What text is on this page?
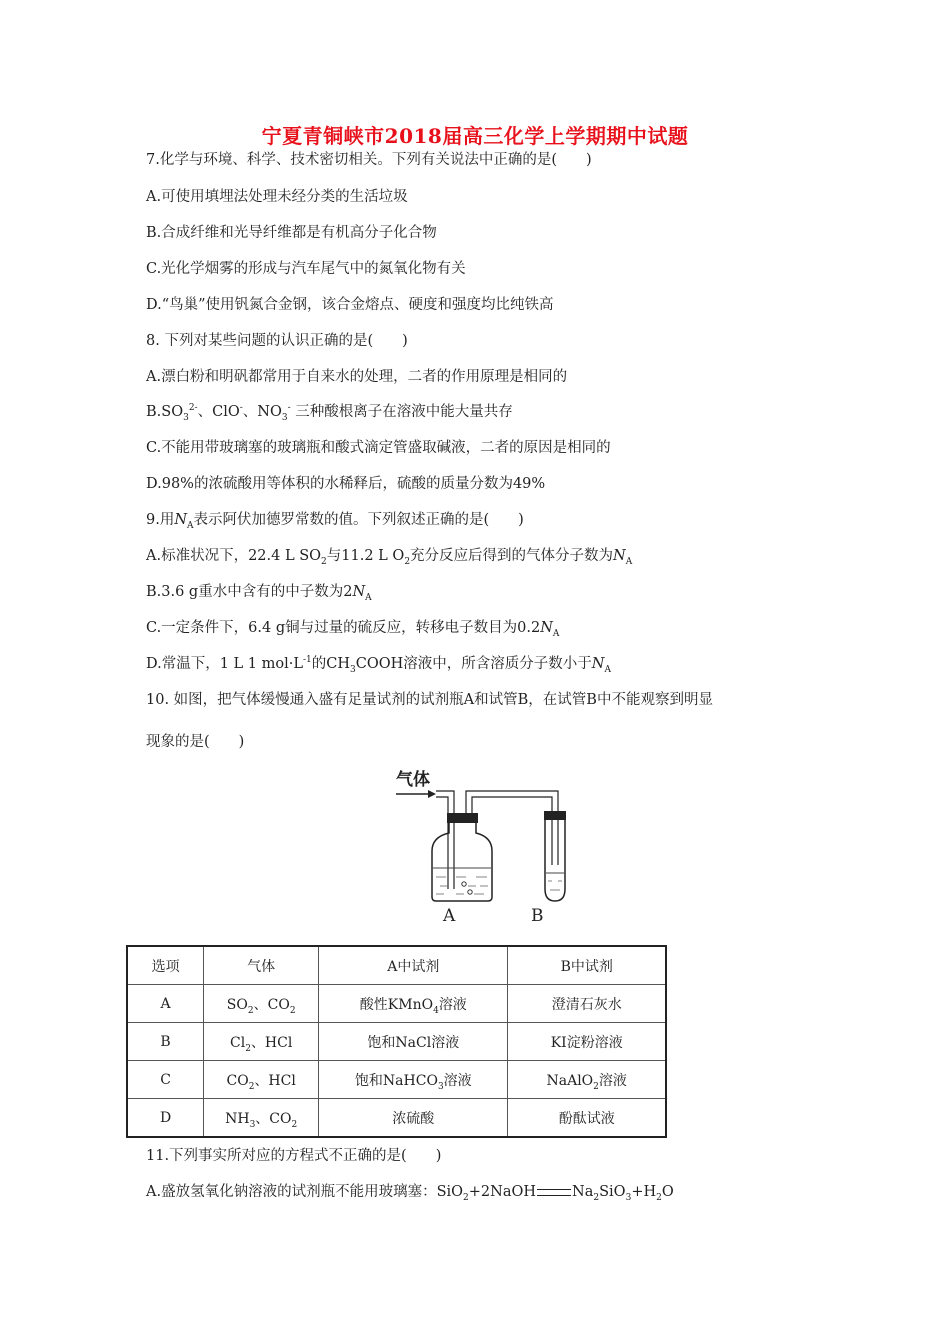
宁夏青铜峡市2018届高三化学上学期期中试题
7.化学与环境、科学、技术密切相关。下列有关说法中正确的是(　　)
A.可使用填埋法处理未经分类的生活垃圾
B.合成纤维和光导纤维都是有机高分子化合物
C.光化学烟雾的形成与汽车尾气中的氮氧化物有关
D.“鸟巢”使用钒氮合金钢，该合金熔点、硬度和强度均比纯铁高
8. 下列对某些问题的认识正确的是(　　)
A.漂白粉和明矾都常用于自来水的处理，二者的作用原理是相同的
$B.SO_3^{2-}$、ClO-、$NO_3^-$ 三种酸根离子在溶液中能大量共存
C.不能用带玻璃塞的玻璃瓶和酸式滴定管盛取碱液，二者的原因是相同的
D.98%的浓硫酸用等体积的水稀释后，硫酸的质量分数为49%
9.用$N_A$表示阿伏加德罗常数的值。下列叙述正确的是(　　)
A.标准状况下，22.4 L $SO_2$与11.2 L $O_2$充分反应后得到的气体分子数为$N_A$
B.3.6 g重水中含有的中子数为$2N_A$
C.一定条件下，6.4 g铜与过量的硫反应，转移电子数目为$0.2N_A$
D.常温下，1 L 1 $mol\cdot L^{-1}$的$CH_3COOH$溶液中，所含溶质分子数小于$N_A$
10. 如图，把气体缓慢通入盛有足量试剂的试剂瓶A和试管B，在试管B中不能观察到明显
现象的是(　　)
气体
A	B
选项	气体	A中试剂	B中试剂
A	$SO_2$、$CO_2$	酸性KMnO$_4$溶液	澄清石灰水
B	$Cl_2$、HCl	饱和NaCl溶液	KI淀粉溶液
C	$CO_2$、HCl	饱和NaHCO$_3$溶液	NaAlO$_2$溶液
D	$NH_3$、$CO_2$	浓硫酸	酚酞试液
11.下列事实所对应的方程式不正确的是(　　)
A.盛放氢氧化钠溶液的试剂瓶不能用玻璃塞：SiO$_2$+2NaOH $Na_2SiO_3+H_2O$
